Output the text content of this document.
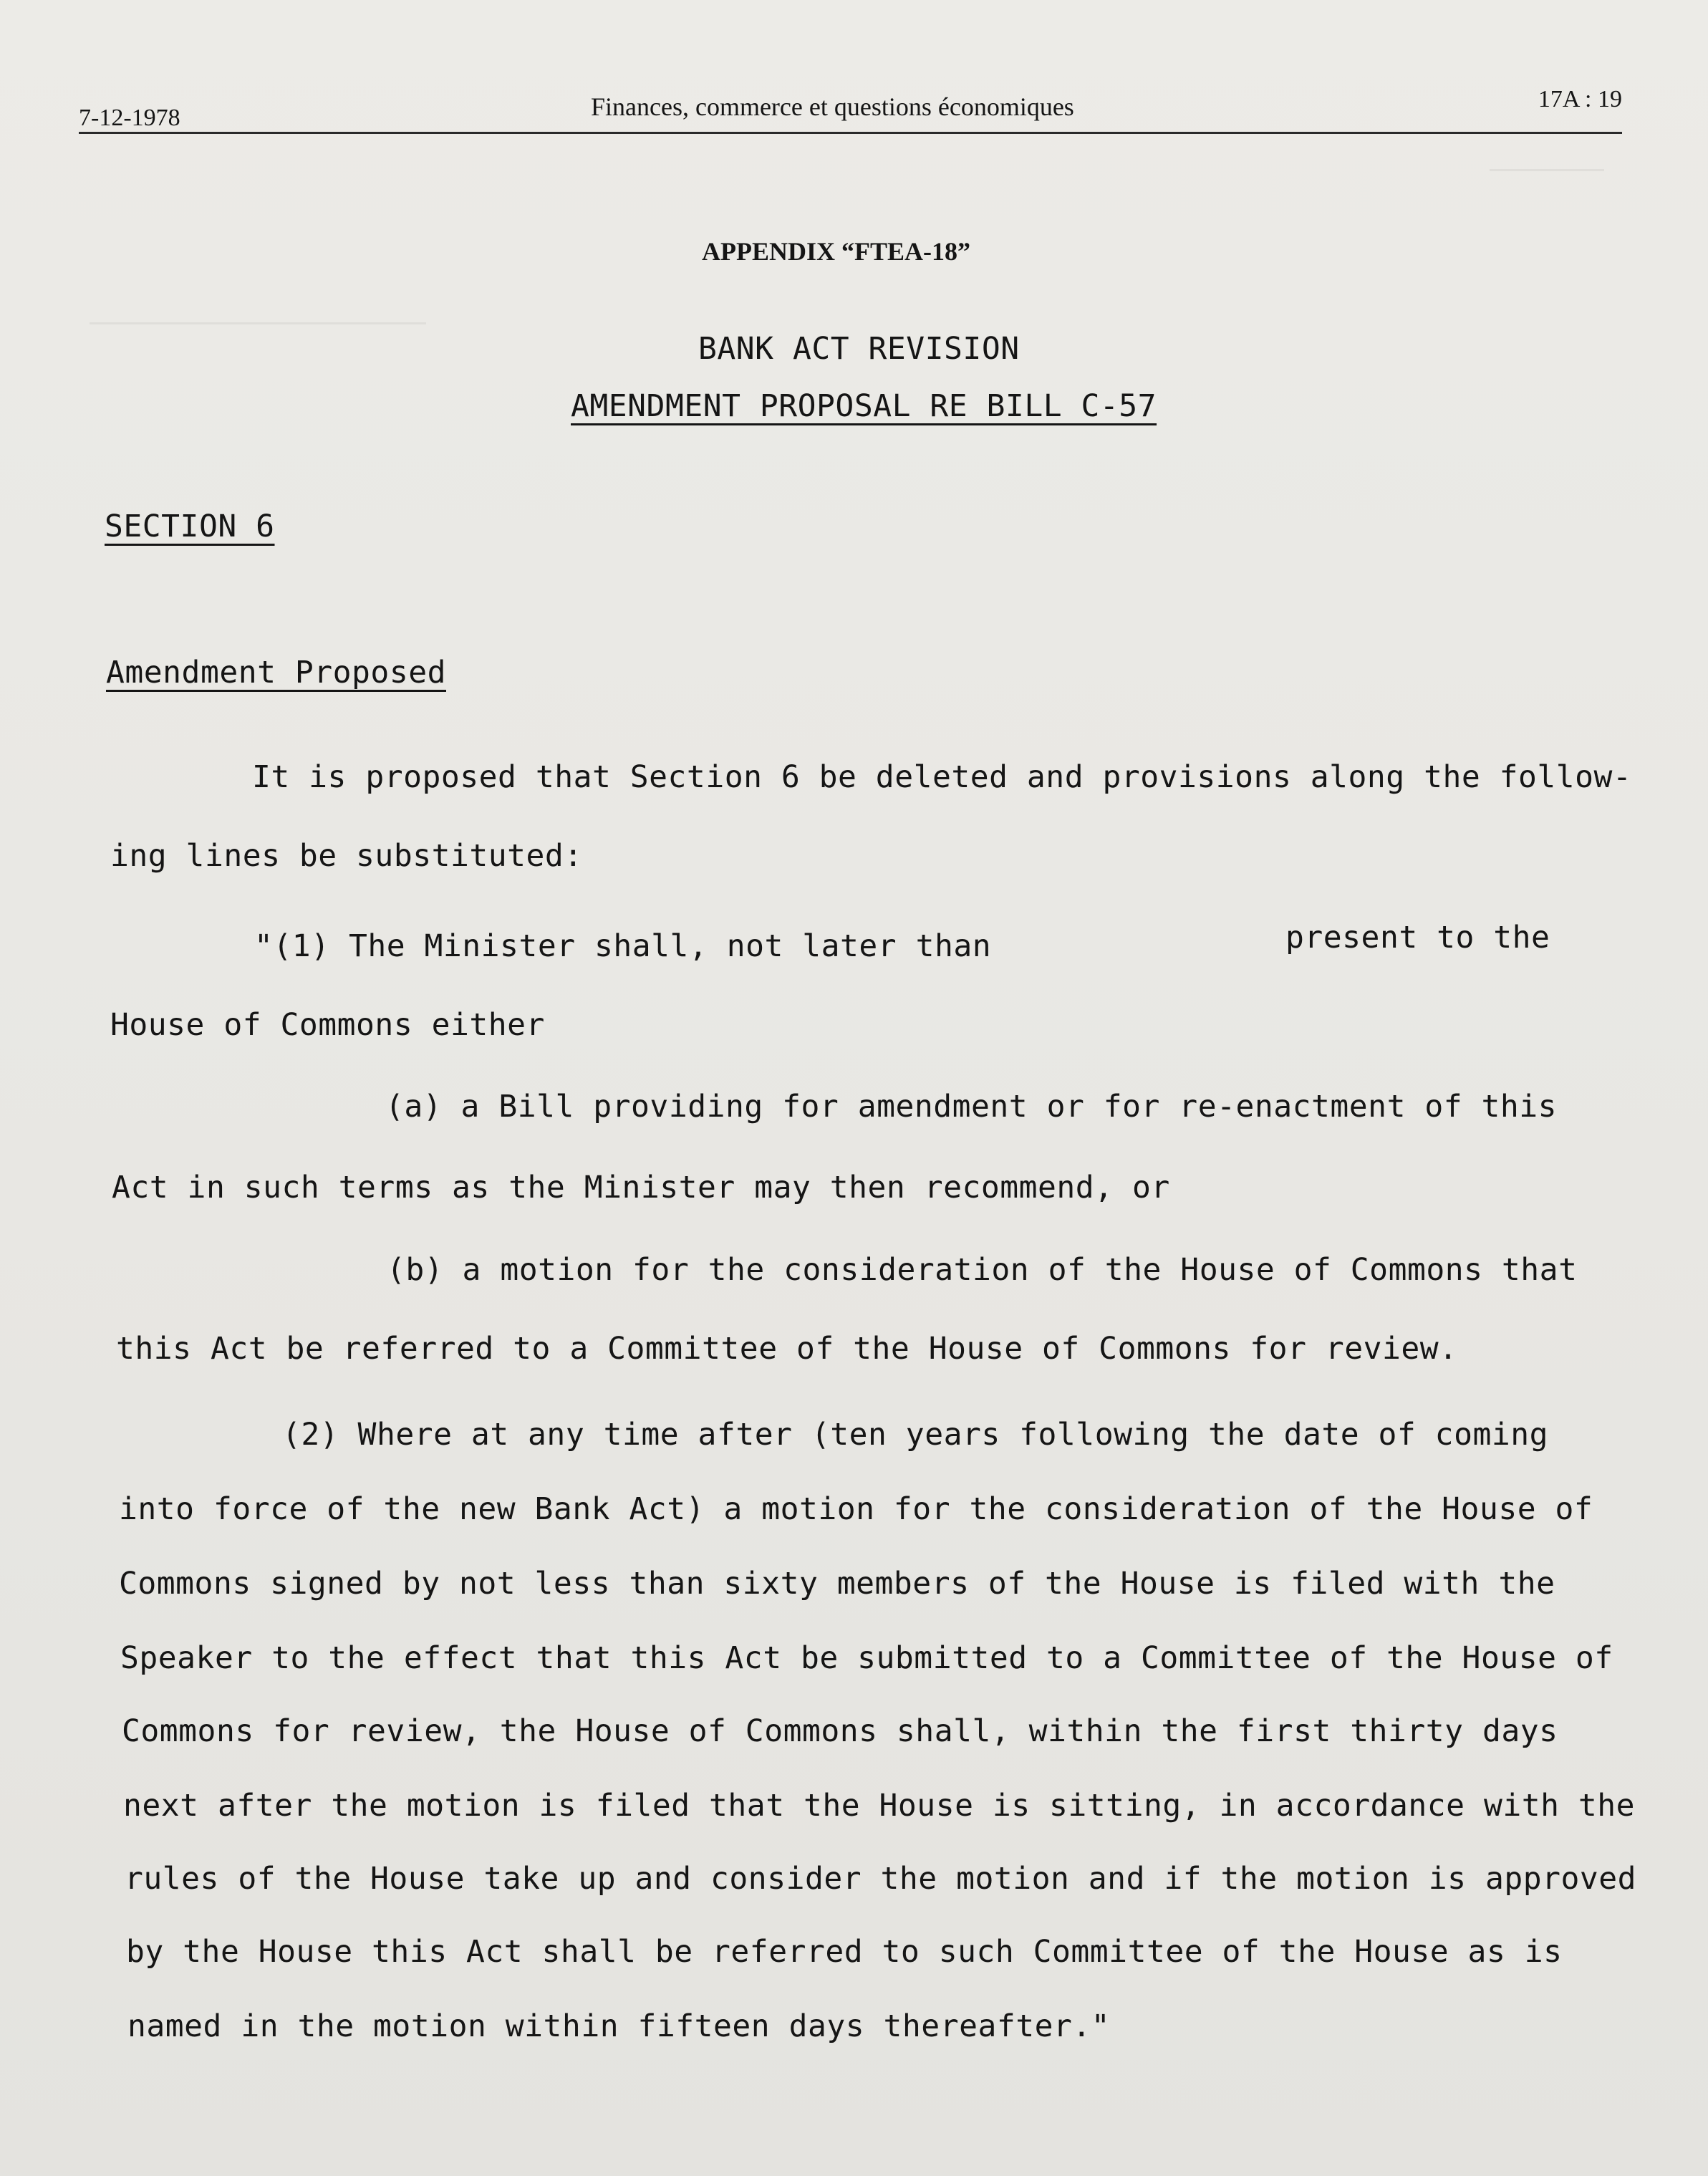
7-12-1978	Finances, commerce et questions économiques	17A : 19
APPENDIX “FTEA-18”
BANK ACT REVISION
AMENDMENT PROPOSAL RE BILL C-57
SECTION 6
Amendment Proposed
It is proposed that Section 6 be deleted and provisions along the follow-
ing lines be substituted:
"(1) The Minister shall, not later than	present to the
House of Commons either
(a) a Bill providing for amendment or for re-enactment of this
Act in such terms as the Minister may then recommend, or
(b) a motion for the consideration of the House of Commons that
this Act be referred to a Committee of the House of Commons for review.
(2) Where at any time after (ten years following the date of coming
into force of the new Bank Act) a motion for the consideration of the House of
Commons signed by not less than sixty members of the House is filed with the
Speaker to the effect that this Act be submitted to a Committee of the House of
Commons for review, the House of Commons shall, within the first thirty days
next after the motion is filed that the House is sitting, in accordance with the
rules of the House take up and consider the motion and if the motion is approved
by the House this Act shall be referred to such Committee of the House as is
named in the motion within fifteen days thereafter."
